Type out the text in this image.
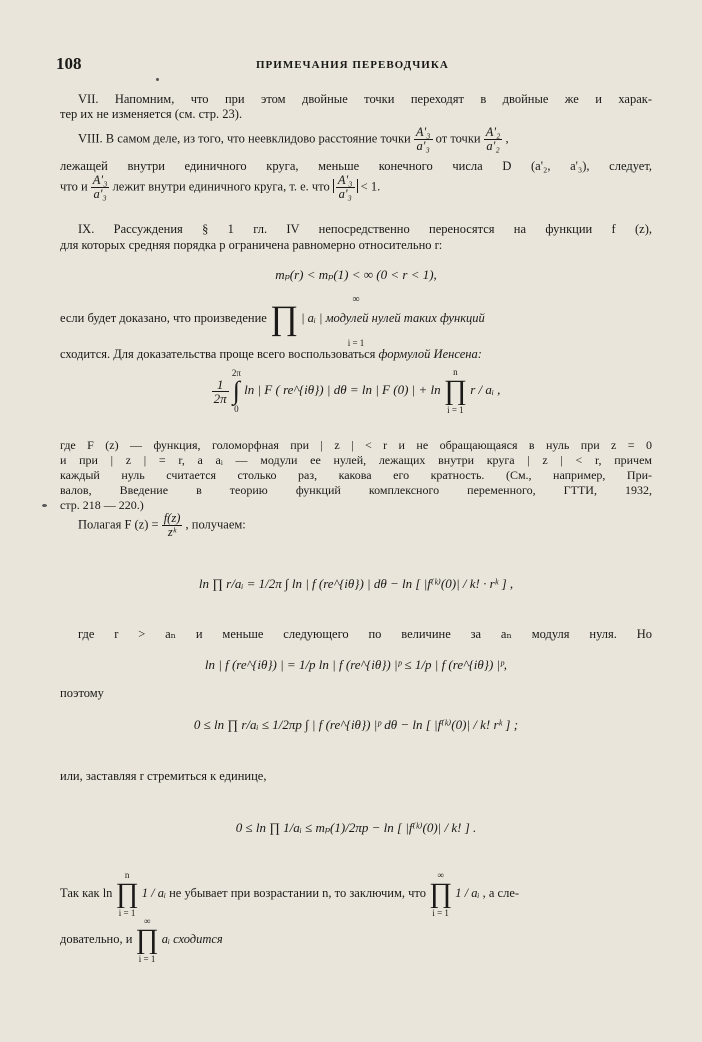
108	ПРИМЕЧАНИЯ ПЕРЕВОДЧИКА
VII. Напомним, что при этом двойные точки переходят в двойные же и харак-
тер их не изменяется (см. стр. 23).
VIII. В самом деле, из того, что неевклидово расстояние точки $\frac{\text{A'₃}}{\text{a'₃}}$ от точки $\frac{\text{A'₂}}{\text{a'₂}}$ ,
лежащей внутри единичного круга, меньше конечного числа D (a'₂, a'₃), следует,
что и $\frac{\text{A'₃}}{\text{a'₃}}$ лежит внутри единичного круга, т. е. что $\frac{\text{A'₃}}{\text{a'₃}} < 1$.
IX. Рассуждения § 1 гл. IV непосредственно переносятся на функции f (z),
для которых средняя порядка p ограничена равномерно относительно r:
mₚ(r) < mₚ(1) < ∞ (0 < r < 1),
∞
если будет доказано, что произведение ∏ | aᵢ | модулей нулей таких функций
i = 1
сходится. Для доказательства проще всего воспользоваться формулой Иенсена:
$\frac{1}{2\pi}$
2π
∫
0 ln | F ( re^{iθ}) | dθ = ln | F (0) | + ln n
∏
i = 1 r / aᵢ ,
где F (z) — функция, голоморфная при | z | < r и не обращающаяся в нуль при z = 0
и при | z | = r, а aᵢ — модули ее нулей, лежащих внутри круга | z | < r, причем
каждый нуль считается столько раз, какова его кратность. (См., например, При-
валов, Введение в теорию функций комплексного переменного, ГТТИ, 1932,
стр. 218 — 220.)
Полагая F $(z) = \frac{f(z)}{\text{zᵏ}}$ , получаем:
ln ∏ r/aᵢ = 1/2π ∫ ln | f (re^{iθ}) | dθ − ln [ |f⁽ᵏ⁾(0)| / k! · rᵏ ] ,
где r > aₙ и меньше следующего по величине за aₙ модуля нуля. Но
ln | f (re^{iθ}) | = 1/p ln | f (re^{iθ}) |ᵖ ≤ 1/p | f (re^{iθ}) |ᵖ,
поэтому
0 ≤ ln ∏ r/aᵢ ≤ 1/2πp ∫ | f (re^{iθ}) |ᵖ dθ − ln [ |f⁽ᵏ⁾(0)| / k! rᵏ ] ;
или, заставляя r стремиться к единице,
0 ≤ ln ∏ 1/aᵢ ≤ mₚ(1)/2πp − ln [ |f⁽ᵏ⁾(0)| / k! ] .
Так как ln n
∏
i = 1 1 / aᵢ не убывает при возрастании n, то заключим, что ∞
∏
i = 1 1 / aᵢ , а сле-
довательно, и ∞
∏
i = 1 aᵢ сходится
